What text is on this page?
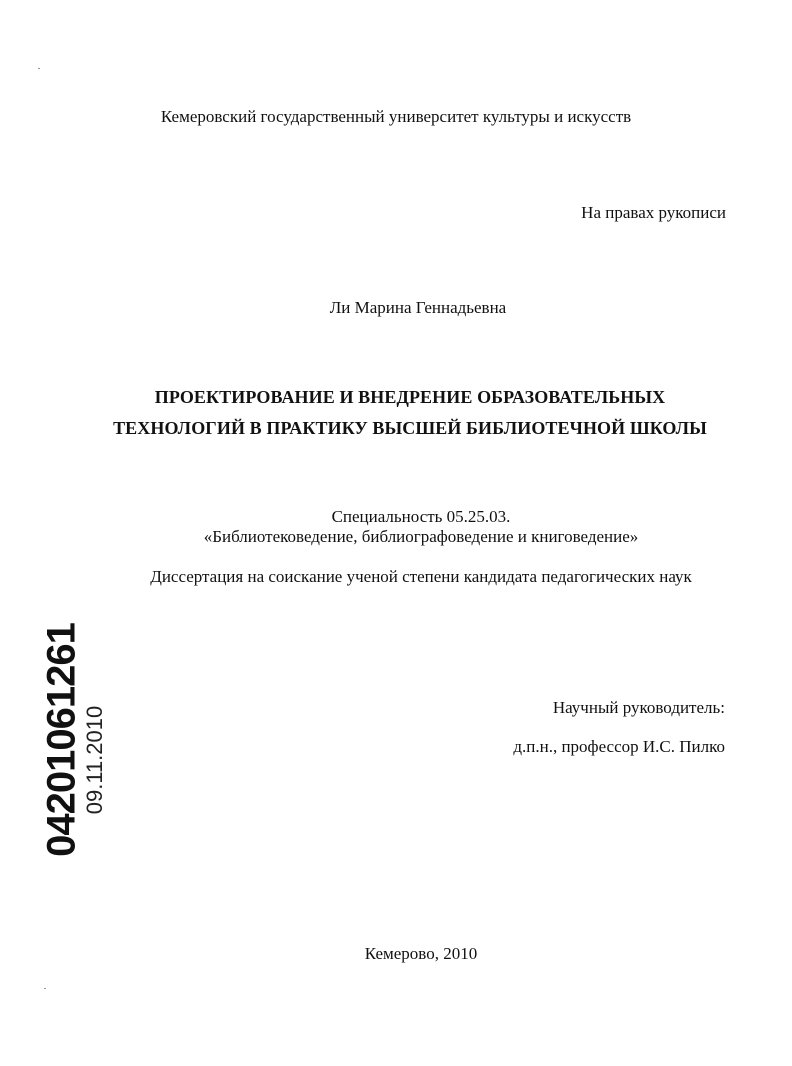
Кемеровский государственный университет культуры и искусств
На правах рукописи
Ли Марина Геннадьевна
ПРОЕКТИРОВАНИЕ И ВНЕДРЕНИЕ ОБРАЗОВАТЕЛЬНЫХ
ТЕХНОЛОГИЙ В ПРАКТИКУ ВЫСШЕЙ БИБЛИОТЕЧНОЙ ШКОЛЫ
Специальность 05.25.03.
«Библиотековедение, библиографоведение и книговедение»
Диссертация на соискание ученой степени кандидата педагогических наук
Научный руководитель:
д.п.н., профессор И.С. Пилко
Кемерово, 2010
04201061261
09.11.2010
